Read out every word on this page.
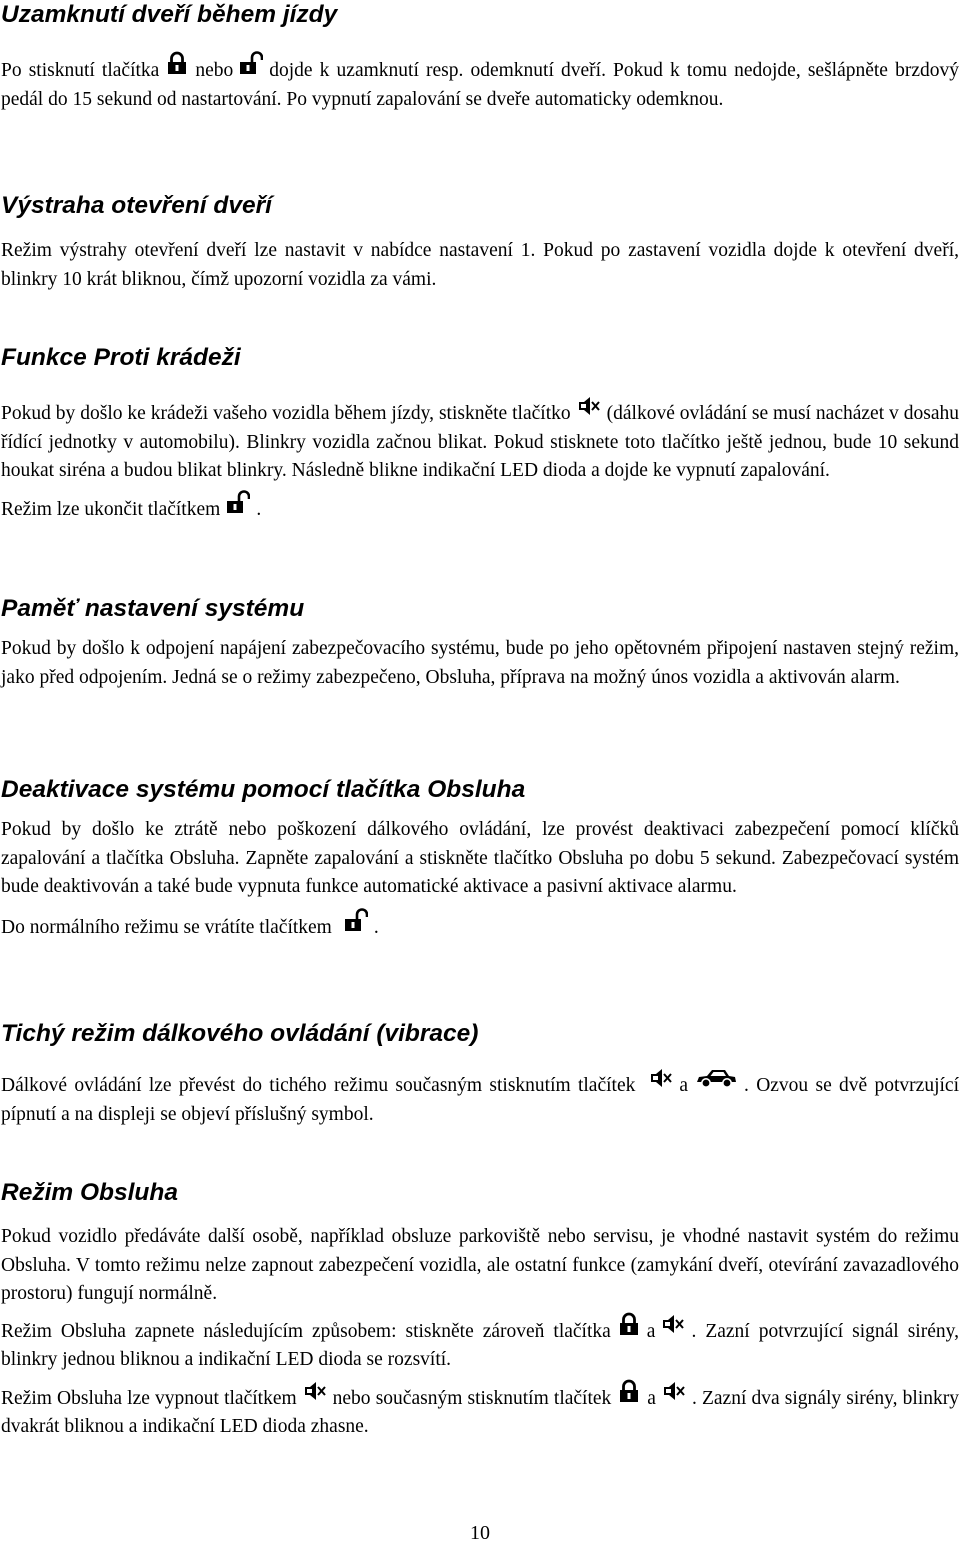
Uzamknutí dveří během jízdy

Po stisknutí tlačítka nebo dojde k uzamknutí resp. odemknutí dveří. Pokud k tomu nedojde, sešlápněte brzdový pedál do 15 sekund od nastartování. Po vypnutí zapalování se dveře automaticky odemknou.

Výstraha otevření dveří

Režim výstrahy otevření dveří lze nastavit v nabídce nastavení 1. Pokud po zastavení vozidla dojde k otevření dveří, blinkry 10 krát bliknou, čímž upozorní vozidla za vámi.

Funkce Proti krádeži

Pokud by došlo ke krádeži vašeho vozidla během jízdy, stiskněte tlačítko (dálkové ovládání se musí nacházet v dosahu řídící jednotky v automobilu). Blinkry vozidla začnou blikat. Pokud stisknete toto tlačítko ještě jednou, bude 10 sekund houkat siréna a budou blikat blinkry. Následně blikne indikační LED dioda a dojde ke vypnutí zapalování.

Režim lze ukončit tlačítkem .

Paměť nastavení systému

Pokud by došlo k odpojení napájení zabezpečovacího systému, bude po jeho opětovném připojení nastaven stejný režim, jako před odpojením. Jedná se o režimy zabezpečeno, Obsluha, příprava na možný únos vozidla a aktivován alarm.

Deaktivace systému pomocí tlačítka Obsluha

Pokud by došlo ke ztrátě nebo poškození dálkového ovládání, lze provést deaktivaci zabezpečení pomocí klíčků zapalování a tlačítka Obsluha. Zapněte zapalování a stiskněte tlačítko Obsluha po dobu 5 sekund. Zabezpečovací systém bude deaktivován a také bude vypnuta funkce automatické aktivace a pasivní aktivace alarmu.

Do normálního režimu se vrátíte tlačítkem .

Tichý režim dálkového ovládání (vibrace)

Dálkové ovládání lze převést do tichého režimu současným stisknutím tlačítek a	. Ozvou se dvě potvrzující pípnutí a na displeji se objeví příslušný symbol.

Režim Obsluha

Pokud vozidlo předáváte další osobě, například obsluze parkoviště nebo servisu, je vhodné nastavit systém do režimu Obsluha. V tomto režimu nelze zapnout zabezpečení vozidla, ale ostatní funkce (zamykání dveří, otevírání zavazadlového prostoru) fungují normálně.

Režim Obsluha zapnete následujícím způsobem: stiskněte zároveň tlačítka a . Zazní potvrzující signál sirény, blinkry jednou bliknou a indikační LED dioda se rozsvítí.

Režim Obsluha lze vypnout tlačítkem nebo současným stisknutím tlačítek a . Zazní dva signály sirény, blinkry dvakrát bliknou a indikační LED dioda zhasne.

10
